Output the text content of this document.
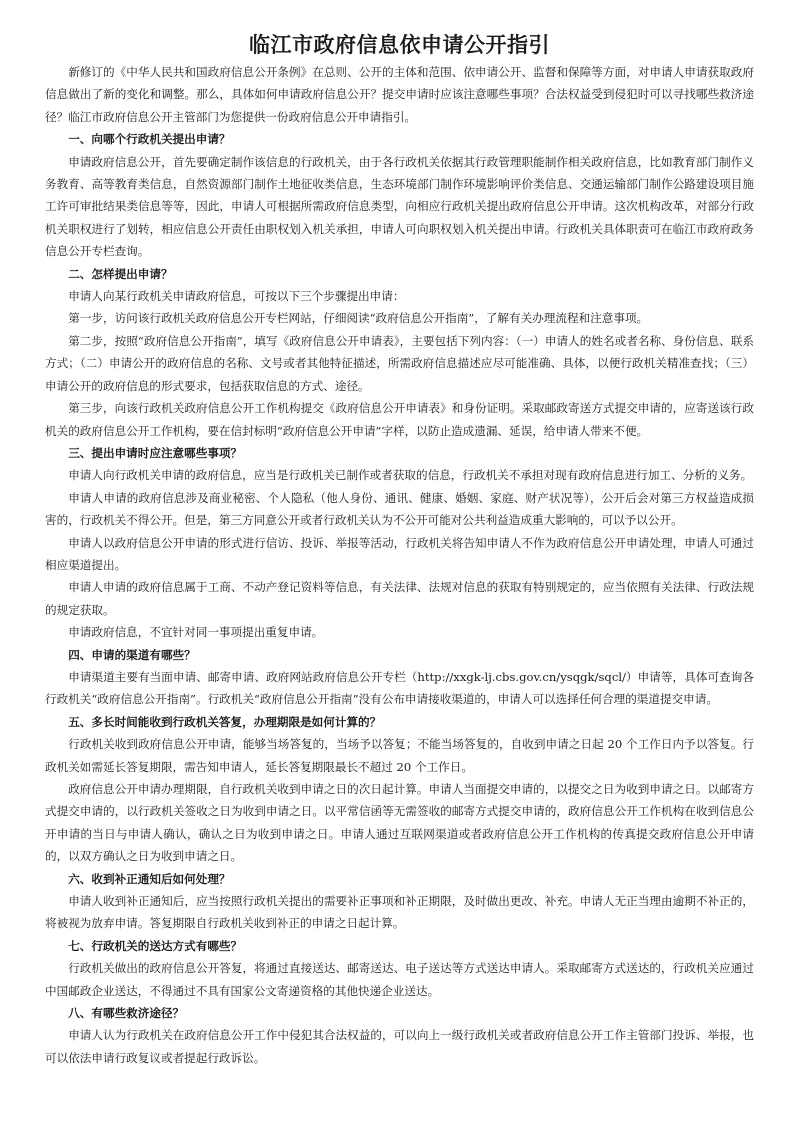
临江市政府信息依申请公开指引

新修订的《中华人民共和国政府信息公开条例》在总则、公开的主体和范围、依申请公开、监督和保障等方面，对申请人申请获取政府信息做出了新的变化和调整。那么，具体如何申请政府信息公开？提交申请时应该注意哪些事项？合法权益受到侵犯时可以寻找哪些救济途径？临江市政府信息公开主管部门为您提供一份政府信息公开申请指引。

一、向哪个行政机关提出申请？

申请政府信息公开，首先要确定制作该信息的行政机关，由于各行政机关依据其行政管理职能制作相关政府信息，比如教育部门制作义务教育、高等教育类信息，自然资源部门制作土地征收类信息，生态环境部门制作环境影响评价类信息、交通运输部门制作公路建设项目施工许可审批结果类信息等等，因此，申请人可根据所需政府信息类型，向相应行政机关提出政府信息公开申请。这次机构改革，对部分行政机关职权进行了划转，相应信息公开责任由职权划入机关承担，申请人可向职权划入机关提出申请。行政机关具体职责可在临江市政府政务信息公开专栏查询。

二、怎样提出申请？

申请人向某行政机关申请政府信息，可按以下三个步骤提出申请：

第一步，访问该行政机关政府信息公开专栏网站，仔细阅读“政府信息公开指南”，了解有关办理流程和注意事项。

第二步，按照“政府信息公开指南”，填写《政府信息公开申请表》，主要包括下列内容：（一）申请人的姓名或者名称、身份信息、联系方式；（二）申请公开的政府信息的名称、文号或者其他特征描述，所需政府信息描述应尽可能准确、具体，以便行政机关精准查找；（三）申请公开的政府信息的形式要求，包括获取信息的方式、途径。

第三步，向该行政机关政府信息公开工作机构提交《政府信息公开申请表》和身份证明。采取邮政寄送方式提交申请的，应寄送该行政机关的政府信息公开工作机构，要在信封标明“政府信息公开申请”字样，以防止造成遗漏、延误，给申请人带来不便。

三、提出申请时应注意哪些事项？

申请人向行政机关申请的政府信息，应当是行政机关已制作或者获取的信息，行政机关不承担对现有政府信息进行加工、分析的义务。

申请人申请的政府信息涉及商业秘密、个人隐私（他人身份、通讯、健康、婚姻、家庭、财产状况等），公开后会对第三方权益造成损害的，行政机关不得公开。但是，第三方同意公开或者行政机关认为不公开可能对公共利益造成重大影响的，可以予以公开。

申请人以政府信息公开申请的形式进行信访、投诉、举报等活动，行政机关将告知申请人不作为政府信息公开申请处理，申请人可通过相应渠道提出。

申请人申请的政府信息属于工商、不动产登记资料等信息，有关法律、法规对信息的获取有特别规定的，应当依照有关法律、行政法规的规定获取。

申请政府信息，不宜针对同一事项提出重复申请。

四、申请的渠道有哪些？

申请渠道主要有当面申请、邮寄申请、政府网站政府信息公开专栏（http://xxgk-lj.cbs.gov.cn/ysqgk/sqcl/）申请等，具体可查询各行政机关“政府信息公开指南”。行政机关“政府信息公开指南”没有公布申请接收渠道的，申请人可以选择任何合理的渠道提交申请。

五、多长时间能收到行政机关答复，办理期限是如何计算的？

行政机关收到政府信息公开申请，能够当场答复的，当场予以答复；不能当场答复的，自收到申请之日起 20 个工作日内予以答复。行政机关如需延长答复期限，需告知申请人，延长答复期限最长不超过 20 个工作日。

政府信息公开申请办理期限，自行政机关收到申请之日的次日起计算。申请人当面提交申请的，以提交之日为收到申请之日。以邮寄方式提交申请的，以行政机关签收之日为收到申请之日。以平常信函等无需签收的邮寄方式提交申请的，政府信息公开工作机构在收到信息公开申请的当日与申请人确认，确认之日为收到申请之日。申请人通过互联网渠道或者政府信息公开工作机构的传真提交政府信息公开申请的，以双方确认之日为收到申请之日。

六、收到补正通知后如何处理？

申请人收到补正通知后，应当按照行政机关提出的需要补正事项和补正期限，及时做出更改、补充。申请人无正当理由逾期不补正的，将被视为放弃申请。答复期限自行政机关收到补正的申请之日起计算。

七、行政机关的送达方式有哪些？

行政机关做出的政府信息公开答复，将通过直接送达、邮寄送达、电子送达等方式送达申请人。采取邮寄方式送达的，行政机关应通过中国邮政企业送达，不得通过不具有国家公文寄递资格的其他快递企业送达。

八、有哪些救济途径？

申请人认为行政机关在政府信息公开工作中侵犯其合法权益的，可以向上一级行政机关或者政府信息公开工作主管部门投诉、举报，也可以依法申请行政复议或者提起行政诉讼。
